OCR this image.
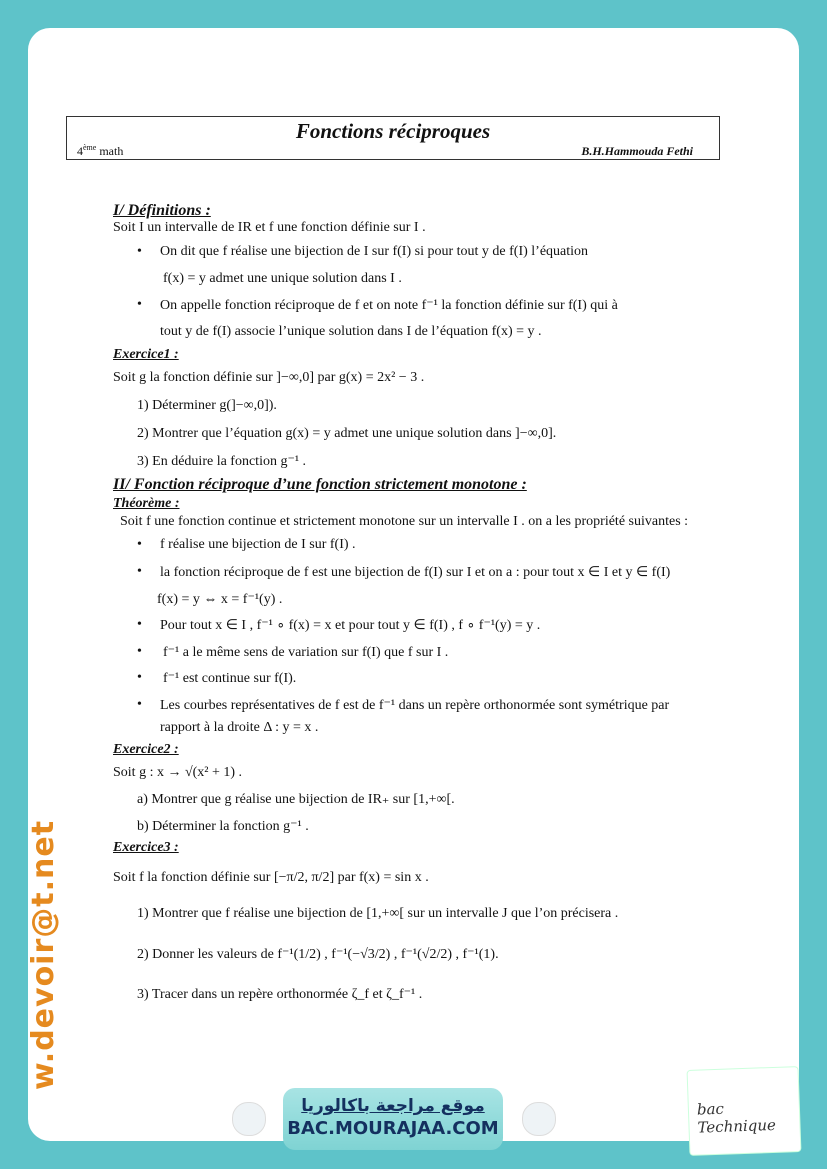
Fonctions réciproques
4ème math	B.H.Hammouda Fethi
I/ Définitions :
Soit I un intervalle de IR et f une fonction définie sur I .
• On dit que f réalise une bijection de I sur f(I) si pour tout y de f(I) l’équation
f(x) = y admet une unique solution dans I .
• On appelle fonction réciproque de f et on note f⁻¹ la fonction définie sur f(I) qui à
tout y de f(I) associe l’unique solution dans I de l’équation f(x) = y .
Exercice1 :
Soit g la fonction définie sur ]−∞,0] par g(x) = 2x² − 3 .
1) Déterminer g(]−∞,0]).
2) Montrer que l’équation g(x) = y admet une unique solution dans ]−∞,0].
3) En déduire la fonction g⁻¹ .
II/ Fonction réciproque d’une fonction strictement monotone :
Théorème :
Soit f une fonction continue et strictement monotone sur un intervalle I . on a les propriété suivantes :
• f réalise une bijection de I sur f(I) .
• la fonction réciproque de f est une bijection de f(I) sur I et on a : pour tout x ∈ I et y ∈ f(I)
f(x) = y ⇔ x = f⁻¹(y) .
• Pour tout x ∈ I , f⁻¹ ∘ f(x) = x et pour tout y ∈ f(I) , f ∘ f⁻¹(y) = y .
• f⁻¹ a le même sens de variation sur f(I) que f sur I .
• f⁻¹ est continue sur f(I).
• Les courbes représentatives de f est de f⁻¹ dans un repère orthonormée sont symétrique par
rapport à la droite Δ : y = x .
Exercice2 :
Soit g : x → √(x² + 1) .
a) Montrer que g réalise une bijection de IR₊ sur [1,+∞[.
b) Déterminer la fonction g⁻¹ .
Exercice3 :
Soit f la fonction définie sur [−π/2, π/2] par f(x) = sin x .
1) Montrer que f réalise une bijection de [1,+∞[ sur un intervalle J que l’on précisera .
2) Donner les valeurs de f⁻¹(1/2) , f⁻¹(−√3/2) , f⁻¹(√2/2) , f⁻¹(1).
3) Tracer dans un repère orthonormée ζ_f et ζ_f⁻¹ .
w.devoir@t.net
موقع مراجعة باكالوريا
BAC.MOURAJAA.COM
bac Technique
